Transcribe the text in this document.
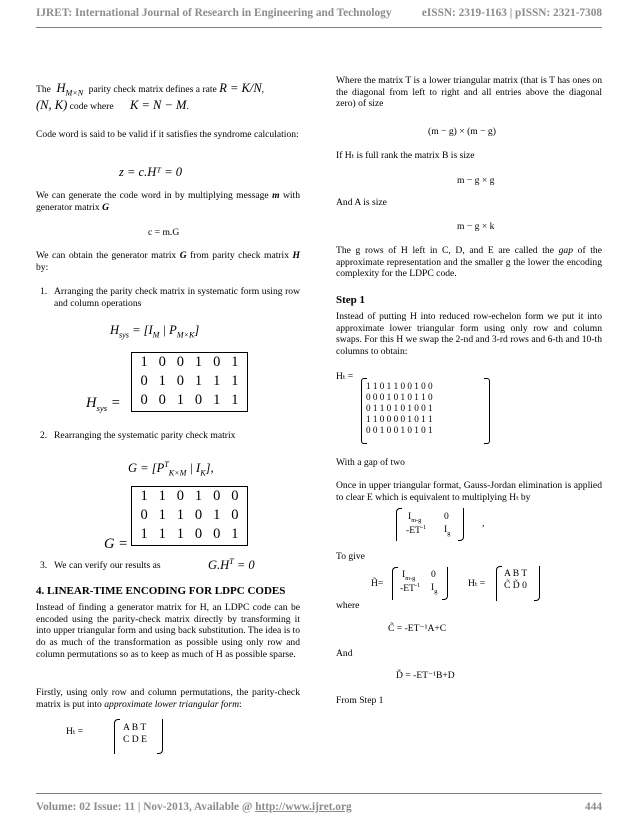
IJRET: International Journal of Research in Engineering and Technology	eISSN: 2319-1163 | pISSN: 2321-7308
The  $H_{M\times N}$ parity check matrix defines a rate R = K/N,
(N, K) code where K = N − M.

Code word is said to be valid if it satisfies the syndrome calculation:

z = c.Hᵀ = 0
We can generate the code word in by multiplying message m with generator matrix G
c = m.G
We can obtain the generator matrix G from parity check matrix H by:
1. Arranging the parity check matrix in systematic form using row and column operations

$H_{sys} = [I_M$ | $P_{M\times K}$]
$H_{sys}$ =
1	0	0	1	0	1
0	1	0	1	1	1
0	0	1	0	1	1
2. Rearranging the systematic parity check matrix

$G = [P^T_{K\times M}$ | $I_K$],
G =
1	1	0	1	0	0
0	1	1	0	1	0
1	1	1	0	0	1
3. We can verify our results as	$G.H^T = 0$
4. LINEAR-TIME ENCODING FOR LDPC CODES

Instead of finding a generator matrix for H, an LDPC code can be encoded using the parity-check matrix directly by transforming it into upper triangular form and using back substitution. The idea is to do as much of the transformation as possible using only row and column permutations so as to keep as much of H as possible sparse.

Firstly, using only row and column permutations, the parity-check matrix is put into approximate lower triangular form:
Hₜ =	A B T
C D E

Where the matrix T is a lower triangular matrix (that is T has ones on the diagonal from left to right and all entries above the diagonal zero) of size

(m − g) × (m − g)

If Hₜ is full rank the matrix B is size

m − g × g

And A is size

m − g × k
The g rows of H left in C, D, and E are called the gap of the approximate representation and the smaller g the lower the encoding complexity for the LDPC code.
Step 1

Instead of putting H into reduced row-echelon form we put it into approximate lower triangular form using only row and column swaps. For this H we swap the 2-nd and 3-rd rows and 6-th and 10-th columns to obtain:

Hₜ =
1 1 0 1 1 0 0 1 0 0
0 0 0 1 0 1 0 1 1 0
0 1 1 0 1 0 1 0 0 1
1 1 0 0 0 0 1 0 1 1
0 0 1 0 0 1 0 1 0 1
With a gap of two

Once in upper triangular format, Gauss-Jordan elimination is applied to clear E which is equivalent to multiplying Hₜ by

$I_{m-g}$ 0
$-ET^{-1}$ $I_g$
,
To give
H̃=
$I_{m-g}$ 0
$-ET^{-1}$ $I_g$
Hₜ =
A B T
C̃ D̃ 0
where
C̃ = -ET⁻¹A+C
And
D̃ = -ET⁻¹B+D
From Step 1
Volume: 02 Issue: 11 | Nov-2013, Available @ http://www.ijret.org	444
